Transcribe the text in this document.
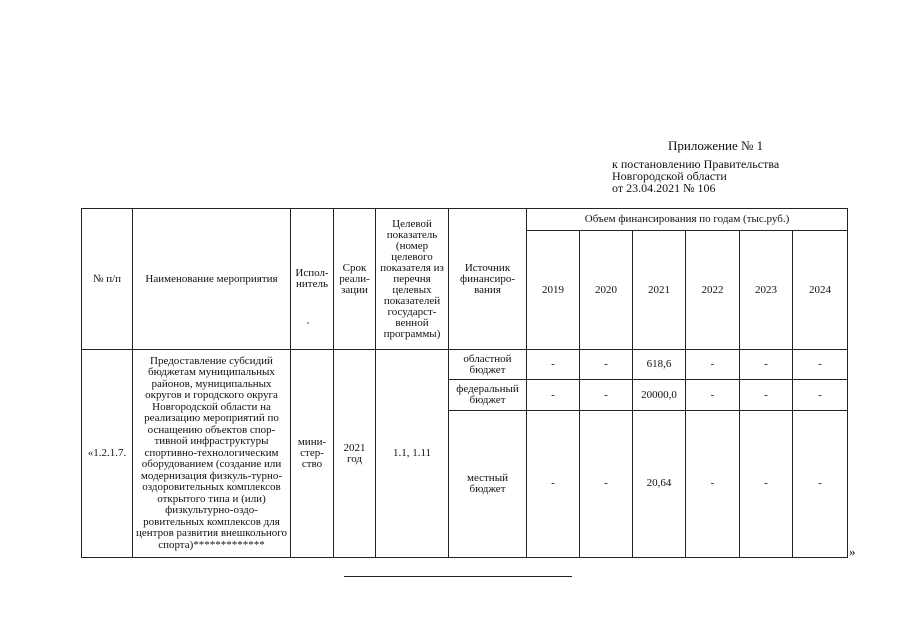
Приложение № 1
к постановлению Правительства
Новгородской области
от 23.04.2021 № 106
№ п/п	Наименование мероприятия	Испол-нитель	Срок реали-зации	Целевой показатель (номер целевого показателя из перечня целевых показателей государст-венной программы)	Источник финансиро-вания	Объем финансирования по годам (тыс.руб.)					
						2019	2020	2021	2022	2023	2024
«1.2.1.7.	Предоставление субсидий бюджетам муниципальных районов, муниципальных округов и городского округа Новгородской области на реализацию мероприятий по оснащению объектов спор-тивной инфраструктуры спортивно-технологическим оборудованием (создание или модернизация физкуль-турно-оздоровительных комплексов открытого типа и (или) физкультурно-оздо-ровительных комплексов для центров развития внешкольного спорта)*************	мини-стер-ство	2021 год	1.1, 1.11	областной бюджет	-	-	618,6	-	-	-
					федеральный бюджет	-	-	20000,0	-	-	-
					местный бюджет	-	-	20,64	-	-	-
»
